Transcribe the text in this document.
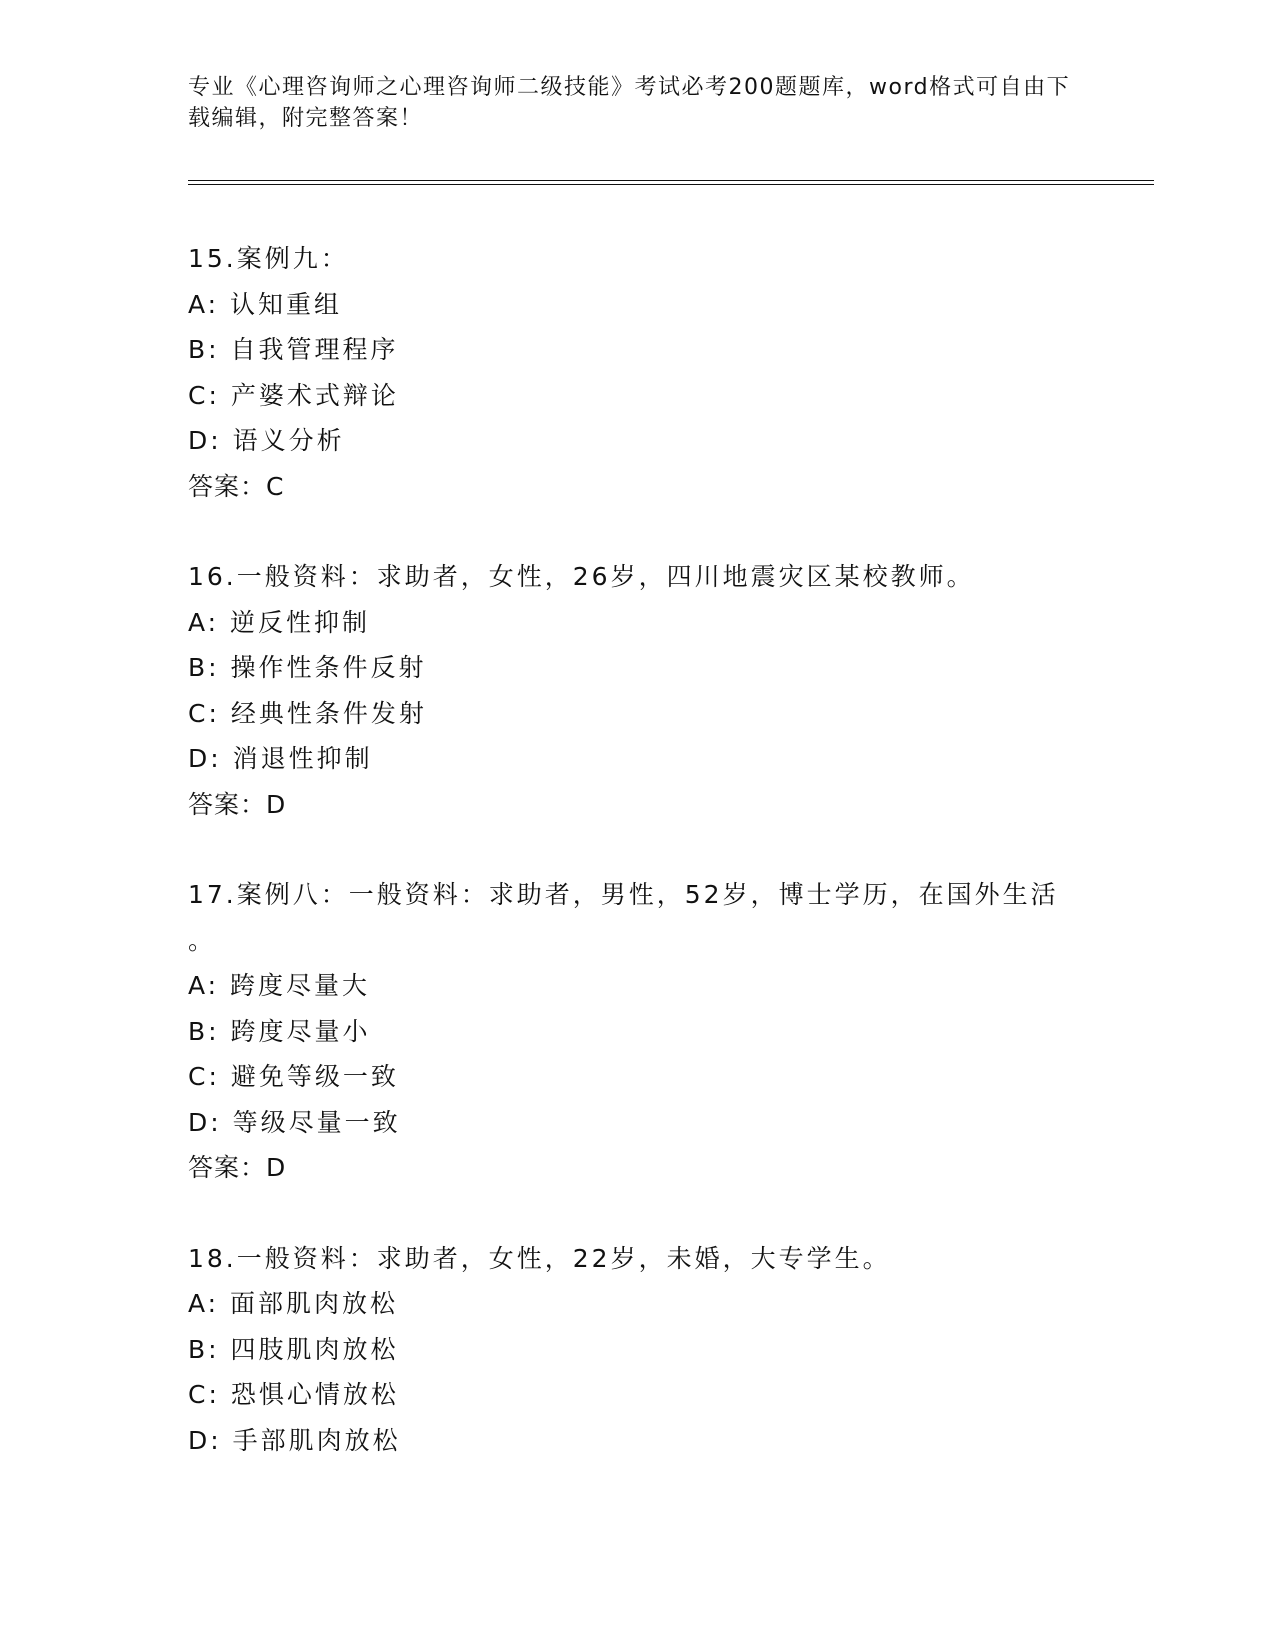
专业《心理咨询师之心理咨询师二级技能》考试必考200题题库，word格式可自由下载编辑，附完整答案！
15.案例九：
A: 认知重组
B: 自我管理程序
C: 产婆术式辩论
D: 语义分析
答案：C
16.一般资料：求助者，女性，26岁，四川地震灾区某校教师。
A: 逆反性抑制
B: 操作性条件反射
C: 经典性条件发射
D: 消退性抑制
答案：D
17.案例八：一般资料：求助者，男性，52岁，博士学历，在国外生活
。
A: 跨度尽量大
B: 跨度尽量小
C: 避免等级一致
D: 等级尽量一致
答案：D
18.一般资料：求助者，女性，22岁，未婚，大专学生。
A: 面部肌肉放松
B: 四肢肌肉放松
C: 恐惧心情放松
D: 手部肌肉放松
